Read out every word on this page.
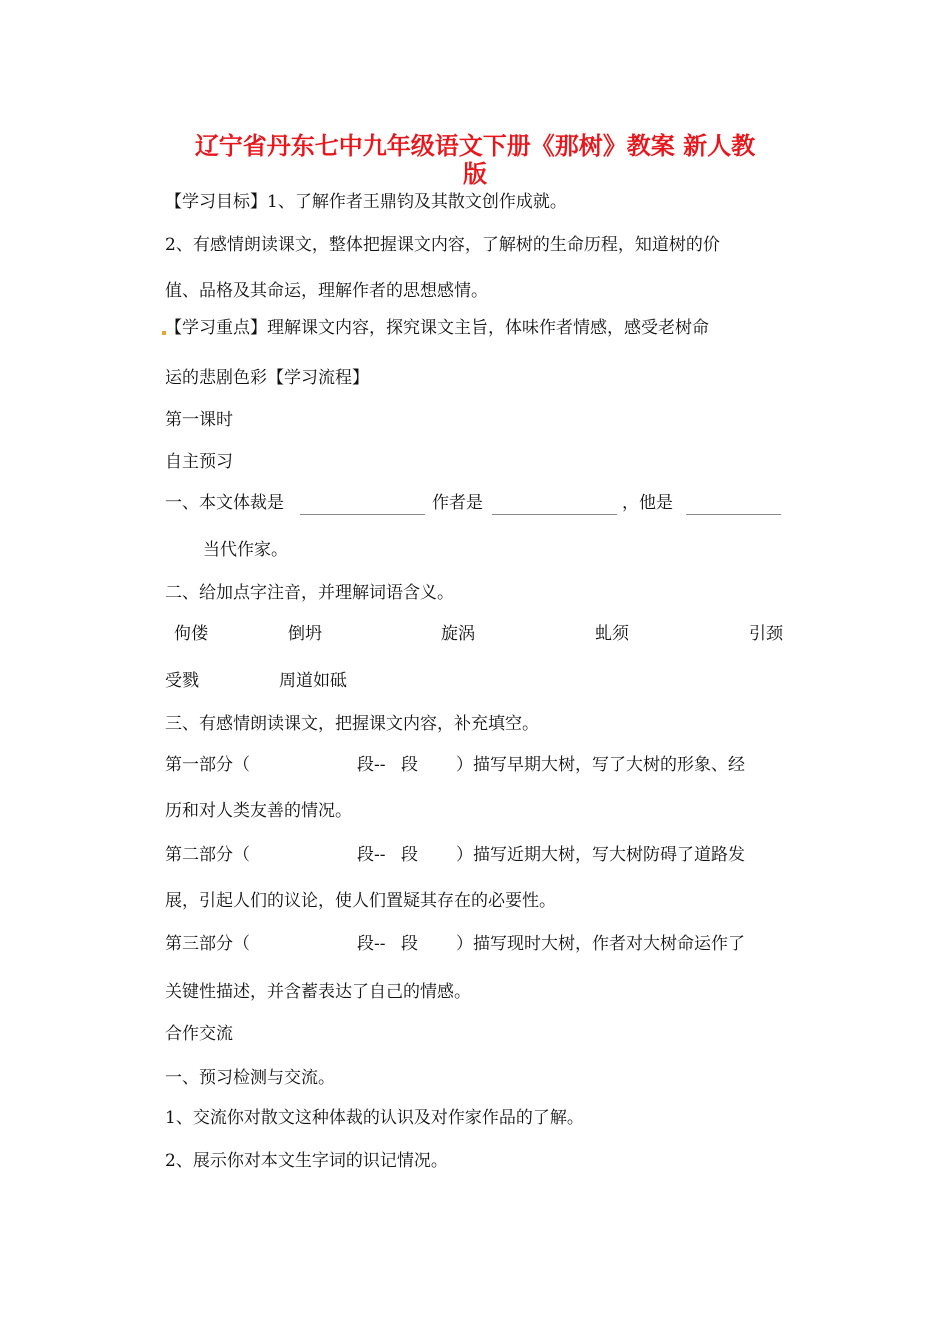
辽宁省丹东七中九年级语文下册《那树》教案 新人教
版
【学习目标】1、了解作者王鼎钧及其散文创作成就。
2、有感情朗读课文，整体把握课文内容，了解树的生命历程，知道树的价
值、品格及其命运，理解作者的思想感情。
【学习重点】理解课文内容，探究课文主旨，体味作者情感，感受老树命
运的悲剧色彩【学习流程】
第一课时
自主预习
一、本文体裁是	作者是	，他是
当代作家。
二、给加点字注音，并理解词语含义。
佝偻	倒坍	旋涡	虬须	引颈
受戮	周道如砥
三、有感情朗读课文，把握课文内容，补充填空。
第一部分（	段-- 段 ）描写早期大树，写了大树的形象、经
历和对人类友善的情况。
第二部分（	段-- 段 ）描写近期大树，写大树防碍了道路发
展，引起人们的议论，使人们置疑其存在的必要性。
第三部分（	段-- 段 ）描写现时大树，作者对大树命运作了
关键性描述，并含蓄表达了自己的情感。
合作交流
一、预习检测与交流。
1、交流你对散文这种体裁的认识及对作家作品的了解。
2、展示你对本文生字词的识记情况。
